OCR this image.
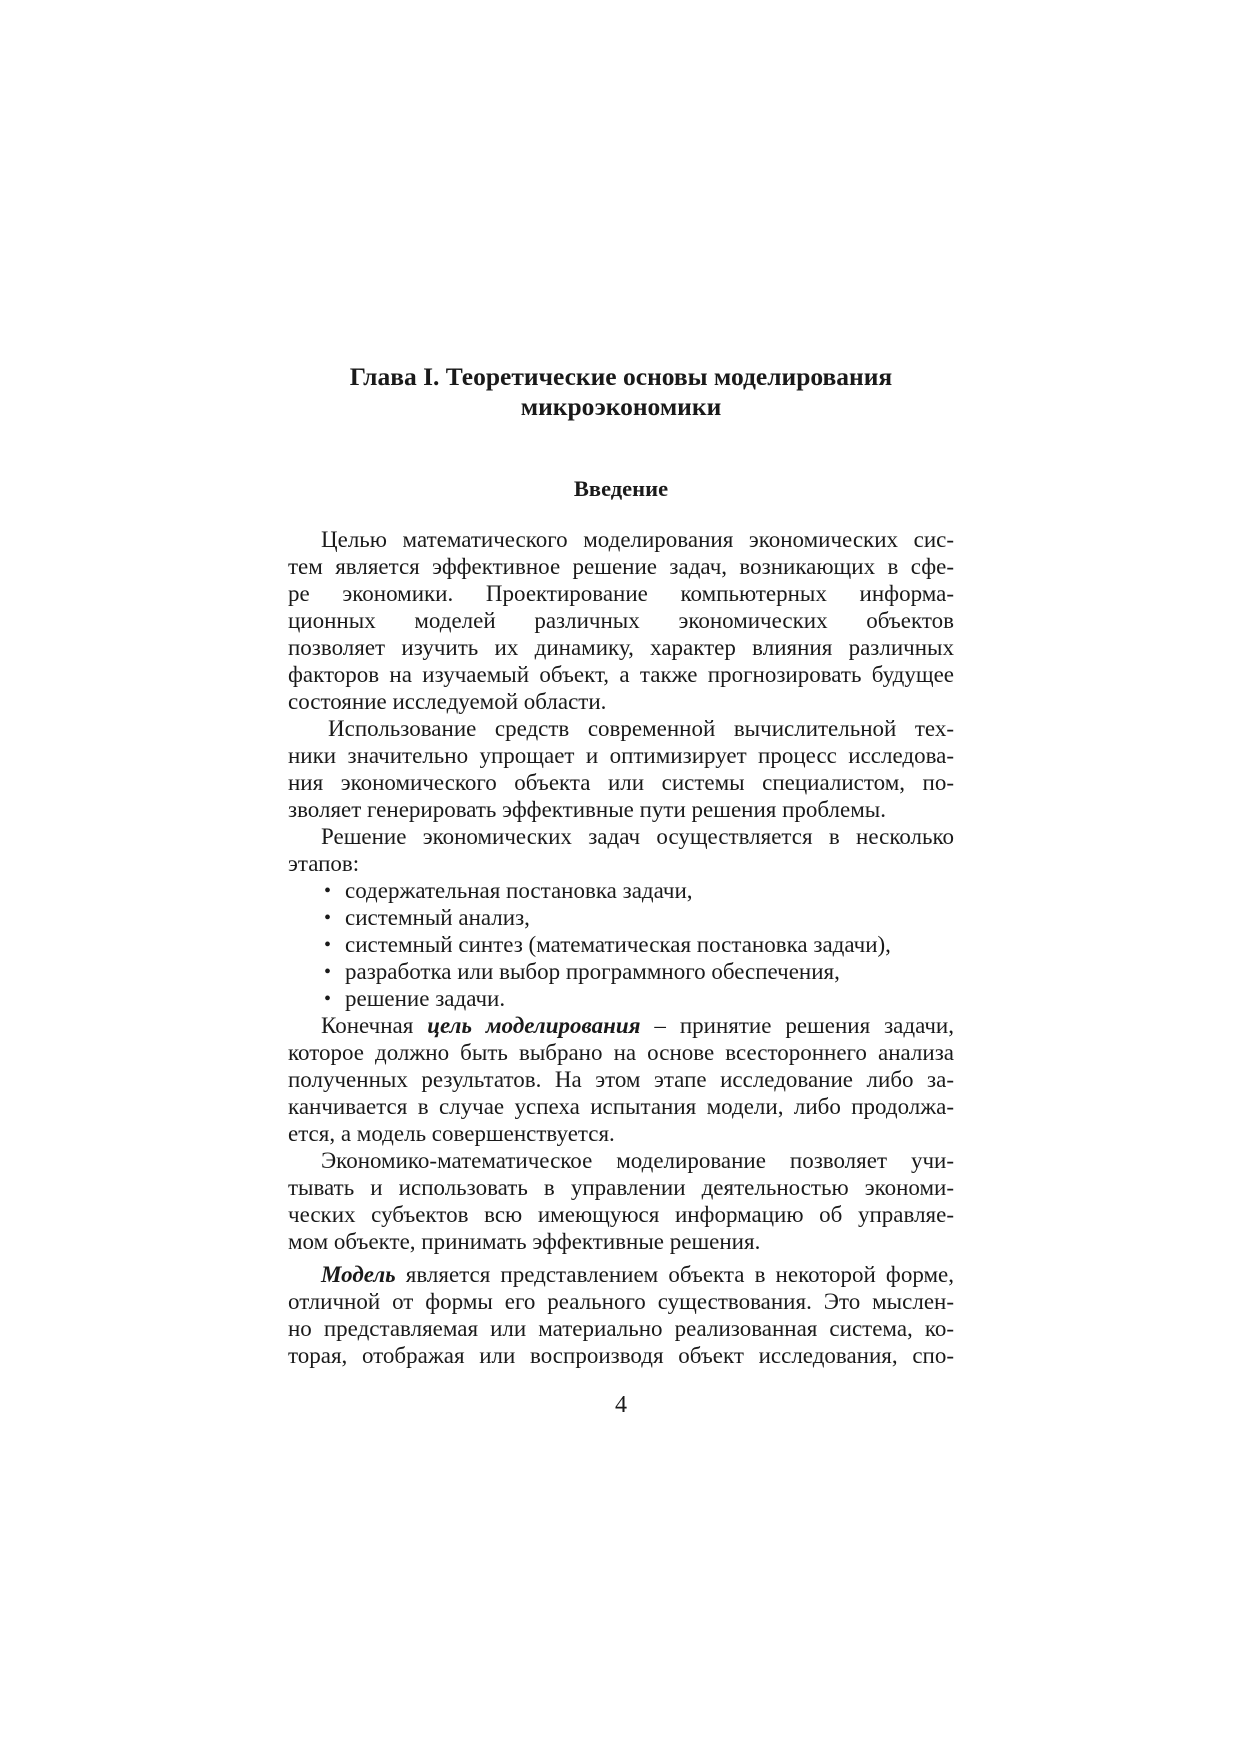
Глава I. Теоретические основы моделирования
микроэкономики
Введение
Целью математического моделирования экономических сис-
тем является эффективное решение задач, возникающих в сфе-
ре экономики. Проектирование компьютерных информа-
ционных моделей различных экономических объектов
позволяет изучить их динамику, характер влияния различных
факторов на изучаемый объект, а также прогнозировать будущее
состояние исследуемой области.
Использование средств современной вычислительной тех-
ники значительно упрощает и оптимизирует процесс исследова-
ния экономического объекта или системы специалистом, по-
зволяет генерировать эффективные пути решения проблемы.
Решение экономических задач осуществляется в несколько
этапов:
• содержательная постановка задачи,
• системный анализ,
• системный синтез (математическая постановка задачи),
• разработка или выбор программного обеспечения,
• решение задачи.
Конечная цель моделирования – принятие решения задачи,
которое должно быть выбрано на основе всестороннего анализа
полученных результатов. На этом этапе исследование либо за-
канчивается в случае успеха испытания модели, либо продолжа-
ется, а модель совершенствуется.
Экономико-математическое моделирование позволяет учи-
тывать и использовать в управлении деятельностью экономи-
ческих субъектов всю имеющуюся информацию об управляе-
мом объекте, принимать эффективные решения.
Модель является представлением объекта в некоторой форме,
отличной от формы его реального существования. Это мыслен-
но представляемая или материально реализованная система, ко-
торая, отображая или воспроизводя объект исследования, спо-
4
